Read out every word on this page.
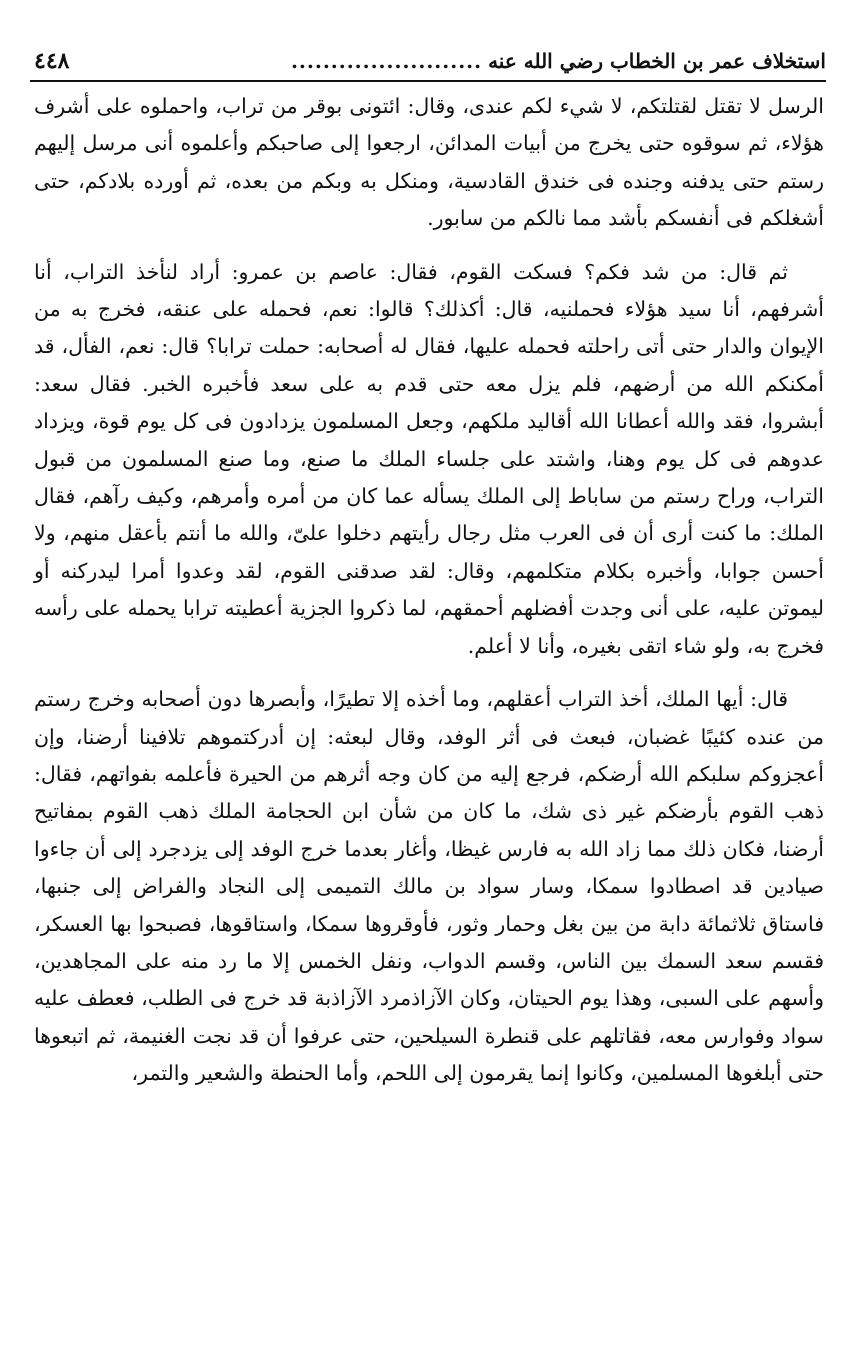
استخلاف عمر بن الخطاب رضي الله عنه
........................
٤٤٨

الرسل لا تقتل لقتلتكم، لا شيء لكم عندى، وقال: ائتونى بوقر من تراب، واحملوه على أشرف هؤلاء، ثم سوقوه حتى يخرج من أبيات المدائن، ارجعوا إلى صاحبكم وأعلموه أنى مرسل إليهم رستم حتى يدفنه وجنده فى خندق القادسية، ومنكل به وبكم من بعده، ثم أورده بلادكم، حتى أشغلكم فى أنفسكم بأشد مما نالكم من سابور.

ثم قال: من شد فكم؟ فسكت القوم، فقال: عاصم بن عمرو: أراد لنأخذ التراب، أنا أشرفهم، أنا سيد هؤلاء فحملنيه، قال: أكذلك؟ قالوا: نعم، فحمله على عنقه، فخرج به من الإيوان والدار حتى أتى راحلته فحمله عليها، فقال له أصحابه: حملت ترابا؟ قال: نعم، الفأل، قد أمكنكم الله من أرضهم، فلم يزل معه حتى قدم به على سعد فأخبره الخبر. فقال سعد: أبشروا، فقد والله أعطانا الله أقاليد ملكهم، وجعل المسلمون يزدادون فى كل يوم قوة، ويزداد عدوهم فى كل يوم وهنا، واشتد على جلساء الملك ما صنع، وما صنع المسلمون من قبول التراب، وراح رستم من ساباط إلى الملك يسأله عما كان من أمره وأمرهم، وكيف رآهم، فقال الملك: ما كنت أرى أن فى العرب مثل رجال رأيتهم دخلوا علىّ، والله ما أنتم بأعقل منهم، ولا أحسن جوابا، وأخبره بكلام متكلمهم، وقال: لقد صدقنى القوم، لقد وعدوا أمرا ليدركنه أو ليموتن عليه، على أنى وجدت أفضلهم أحمقهم، لما ذكروا الجزية أعطيته ترابا يحمله على رأسه فخرج به، ولو شاء اتقى بغيره، وأنا لا أعلم.

قال: أيها الملك، أخذ التراب أعقلهم، وما أخذه إلا تطيرًا، وأبصرها دون أصحابه وخرج رستم من عنده كئيبًا غضبان، فبعث فى أثر الوفد، وقال لبعثه: إن أدركتموهم تلافينا أرضنا، وإن أعجزوكم سلبكم الله أرضكم، فرجع إليه من كان وجه أثرهم من الحيرة فأعلمه بفواتهم، فقال: ذهب القوم بأرضكم غير ذى شك، ما كان من شأن ابن الحجامة الملك ذهب القوم بمفاتيح أرضنا، فكان ذلك مما زاد الله به فارس غيظا، وأغار بعدما خرج الوفد إلى يزدجرد إلى أن جاءوا صيادين قد اصطادوا سمكا، وسار سواد بن مالك التميمى إلى النجاد والفراض إلى جنبها، فاستاق ثلاثمائة دابة من بين بغل وحمار وثور، فأوقروها سمكا، واستاقوها، فصبحوا بها العسكر، فقسم سعد السمك بين الناس، وقسم الدواب، ونفل الخمس إلا ما رد منه على المجاهدين، وأسهم على السبى، وهذا يوم الحيتان، وكان الآزاذمرد الآزاذبة قد خرج فى الطلب، فعطف عليه سواد وفوارس معه، فقاتلهم على قنطرة السيلحين، حتى عرفوا أن قد نجت الغنيمة، ثم اتبعوها حتى أبلغوها المسلمين، وكانوا إنما يقرمون إلى اللحم، وأما الحنطة والشعير والتمر،
